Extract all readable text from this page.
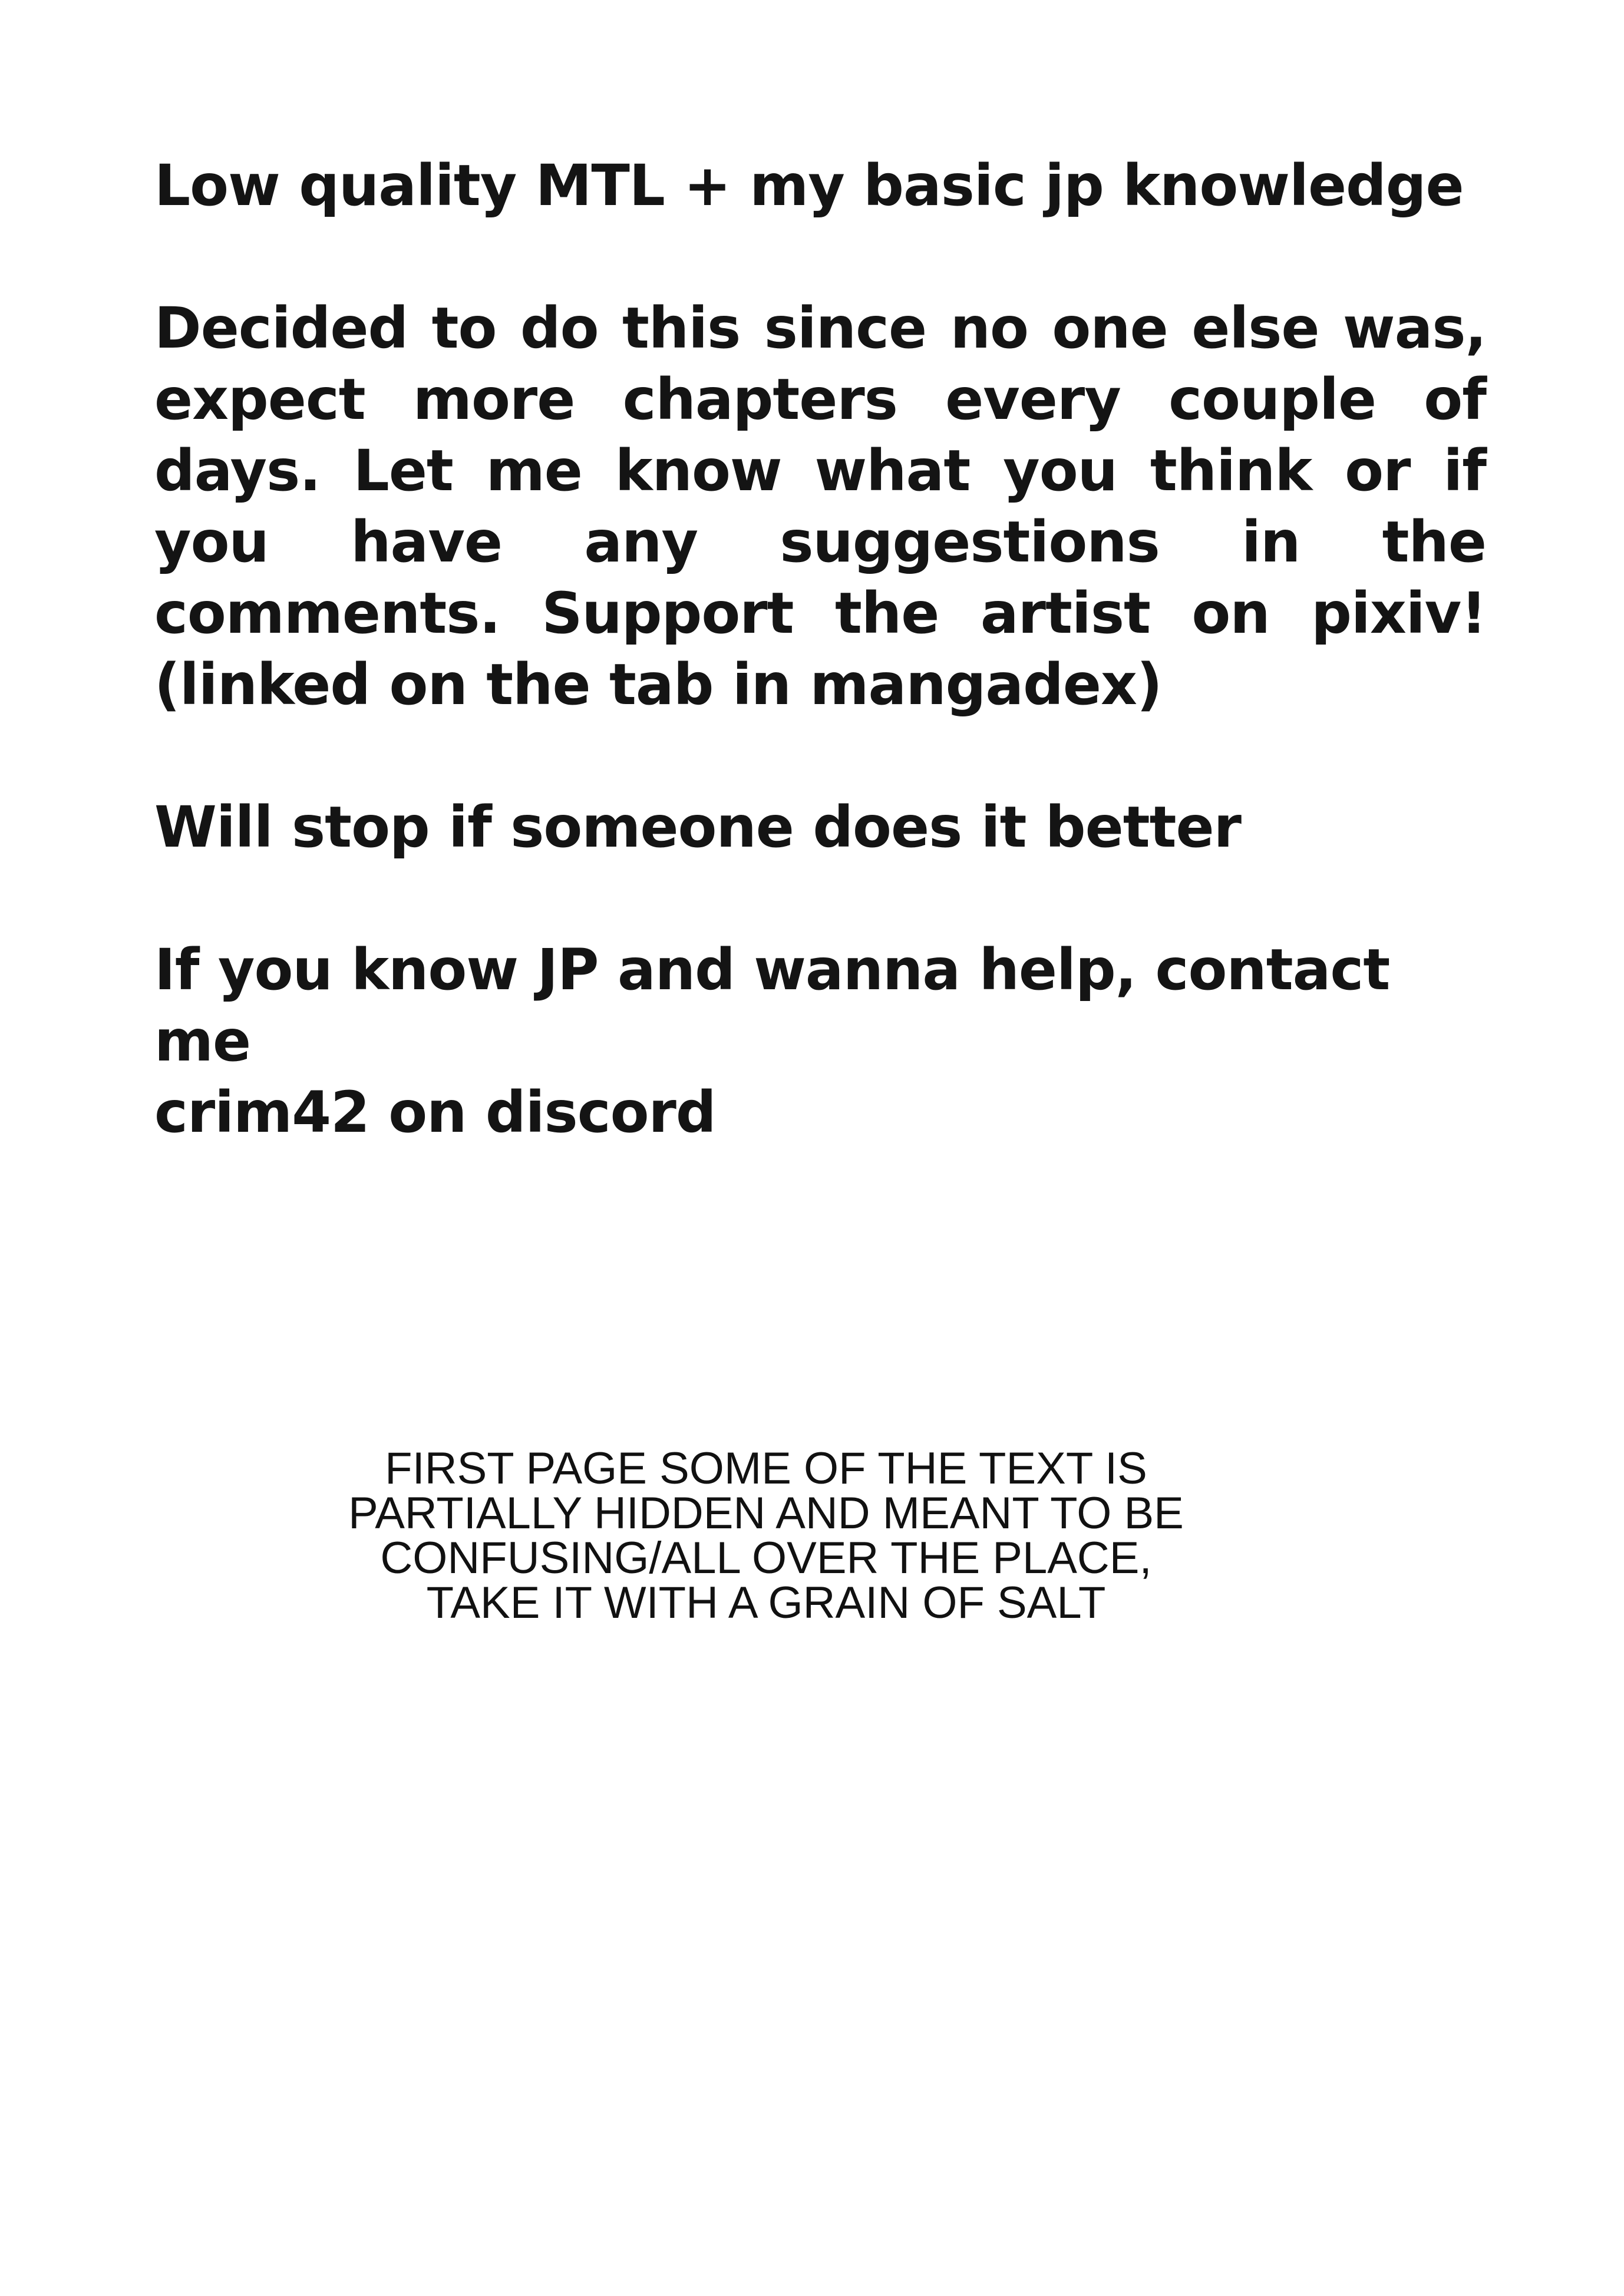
Low quality MTL + my basic jp knowledge

Decided to do this since no one else was, expect more chapters every couple of days. Let me know what you think or if you have any suggestions in the comments. Support the artist on pixiv! (linked on the tab in mangadex)

Will stop if someone does it better

If you know JP and wanna help, contact me

crim42 on discord

FIRST PAGE SOME OF THE TEXT IS
PARTIALLY HIDDEN AND MEANT TO BE
CONFUSING/ALL OVER THE PLACE,
TAKE IT WITH A GRAIN OF SALT
